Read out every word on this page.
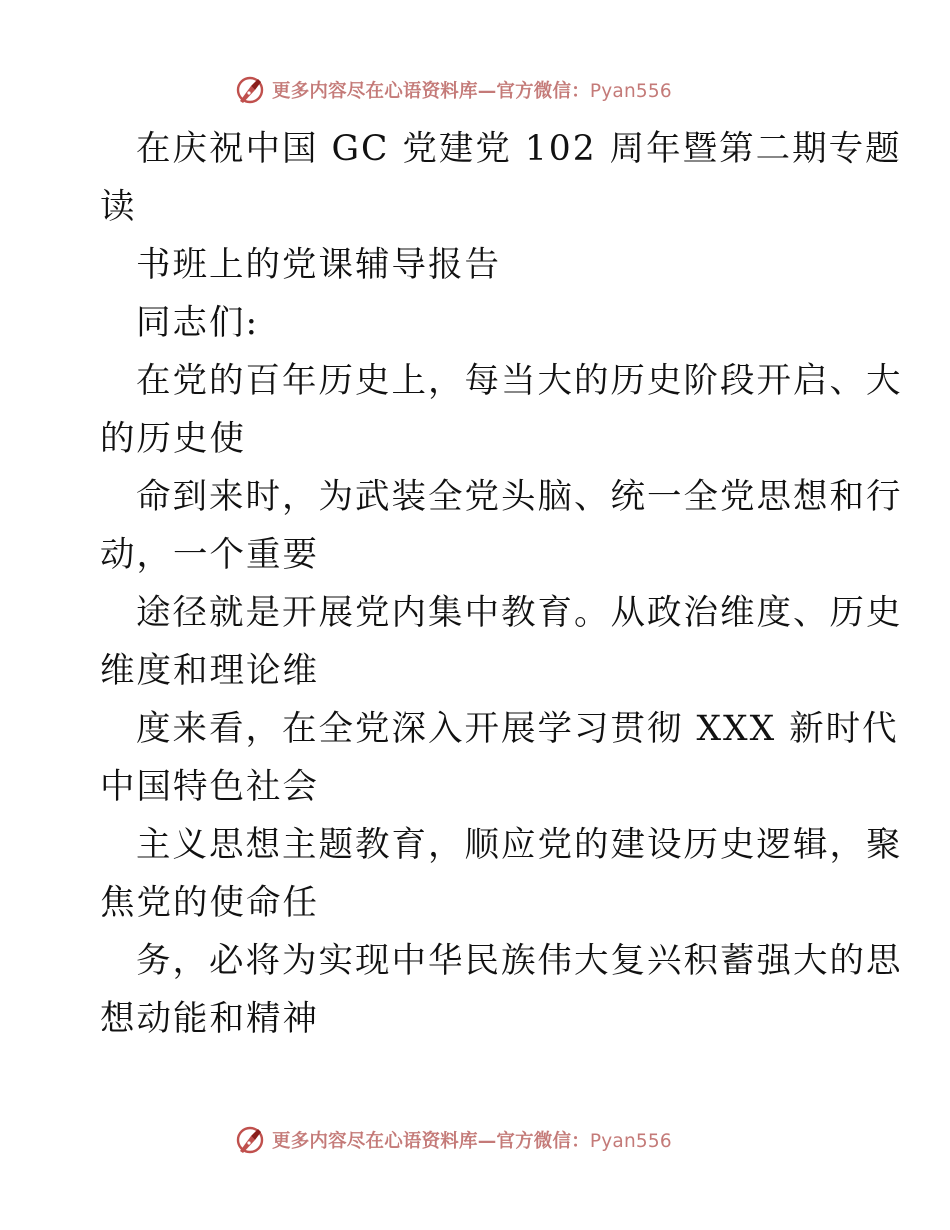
更多内容尽在心语资料库—官方微信：Pyan556
在庆祝中国 GC 党建党 102 周年暨第二期专题
读
书班上的党课辅导报告
同志们:
在党的百年历史上，每当大的历史阶段开启、大
的历史使
命到来时，为武装全党头脑、统一全党思想和行
动，一个重要
途径就是开展党内集中教育。从政治维度、历史
维度和理论维
度来看，在全党深入开展学习贯彻 XXX 新时代
中国特色社会
主义思想主题教育，顺应党的建设历史逻辑，聚
焦党的使命任
务，必将为实现中华民族伟大复兴积蓄强大的思
想动能和精神
更多内容尽在心语资料库—官方微信：Pyan556
